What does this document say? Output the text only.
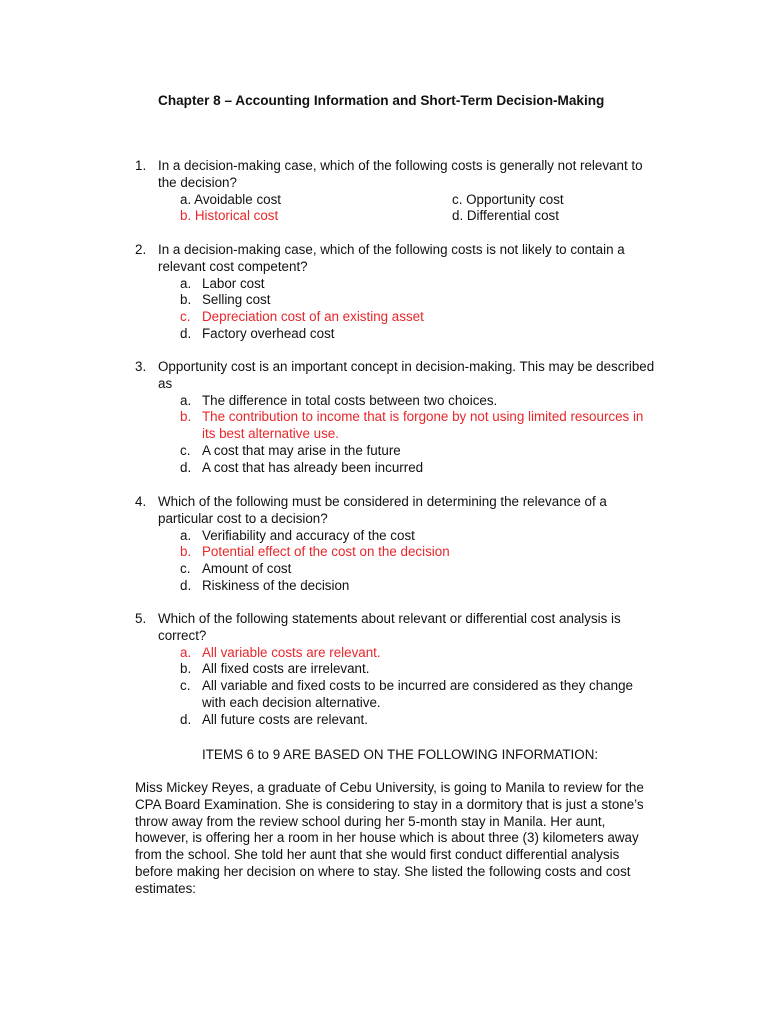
Chapter 8 – Accounting Information and Short-Term Decision-Making
1. In a decision-making case, which of the following costs is generally not relevant to the decision?
a. Avoidable cost	c. Opportunity cost
b. Historical cost	d. Differential cost
2. In a decision-making case, which of the following costs is not likely to contain a relevant cost competent?
a. Labor cost
b. Selling cost
c. Depreciation cost of an existing asset
d. Factory overhead cost
3. Opportunity cost is an important concept in decision-making. This may be described as
a. The difference in total costs between two choices.
b. The contribution to income that is forgone by not using limited resources in its best alternative use.
c. A cost that may arise in the future
d. A cost that has already been incurred
4. Which of the following must be considered in determining the relevance of a particular cost to a decision?
a. Verifiability and accuracy of the cost
b. Potential effect of the cost on the decision
c. Amount of cost
d. Riskiness of the decision
5. Which of the following statements about relevant or differential cost analysis is correct?
a. All variable costs are relevant.
b. All fixed costs are irrelevant.
c. All variable and fixed costs to be incurred are considered as they change with each decision alternative.
d. All future costs are relevant.
ITEMS 6 to 9 ARE BASED ON THE FOLLOWING INFORMATION:

Miss Mickey Reyes, a graduate of Cebu University, is going to Manila to review for the CPA Board Examination. She is considering to stay in a dormitory that is just a stone’s throw away from the review school during her 5-month stay in Manila. Her aunt, however, is offering her a room in her house which is about three (3) kilometers away from the school. She told her aunt that she would first conduct differential analysis before making her decision on where to stay. She listed the following costs and cost estimates:
